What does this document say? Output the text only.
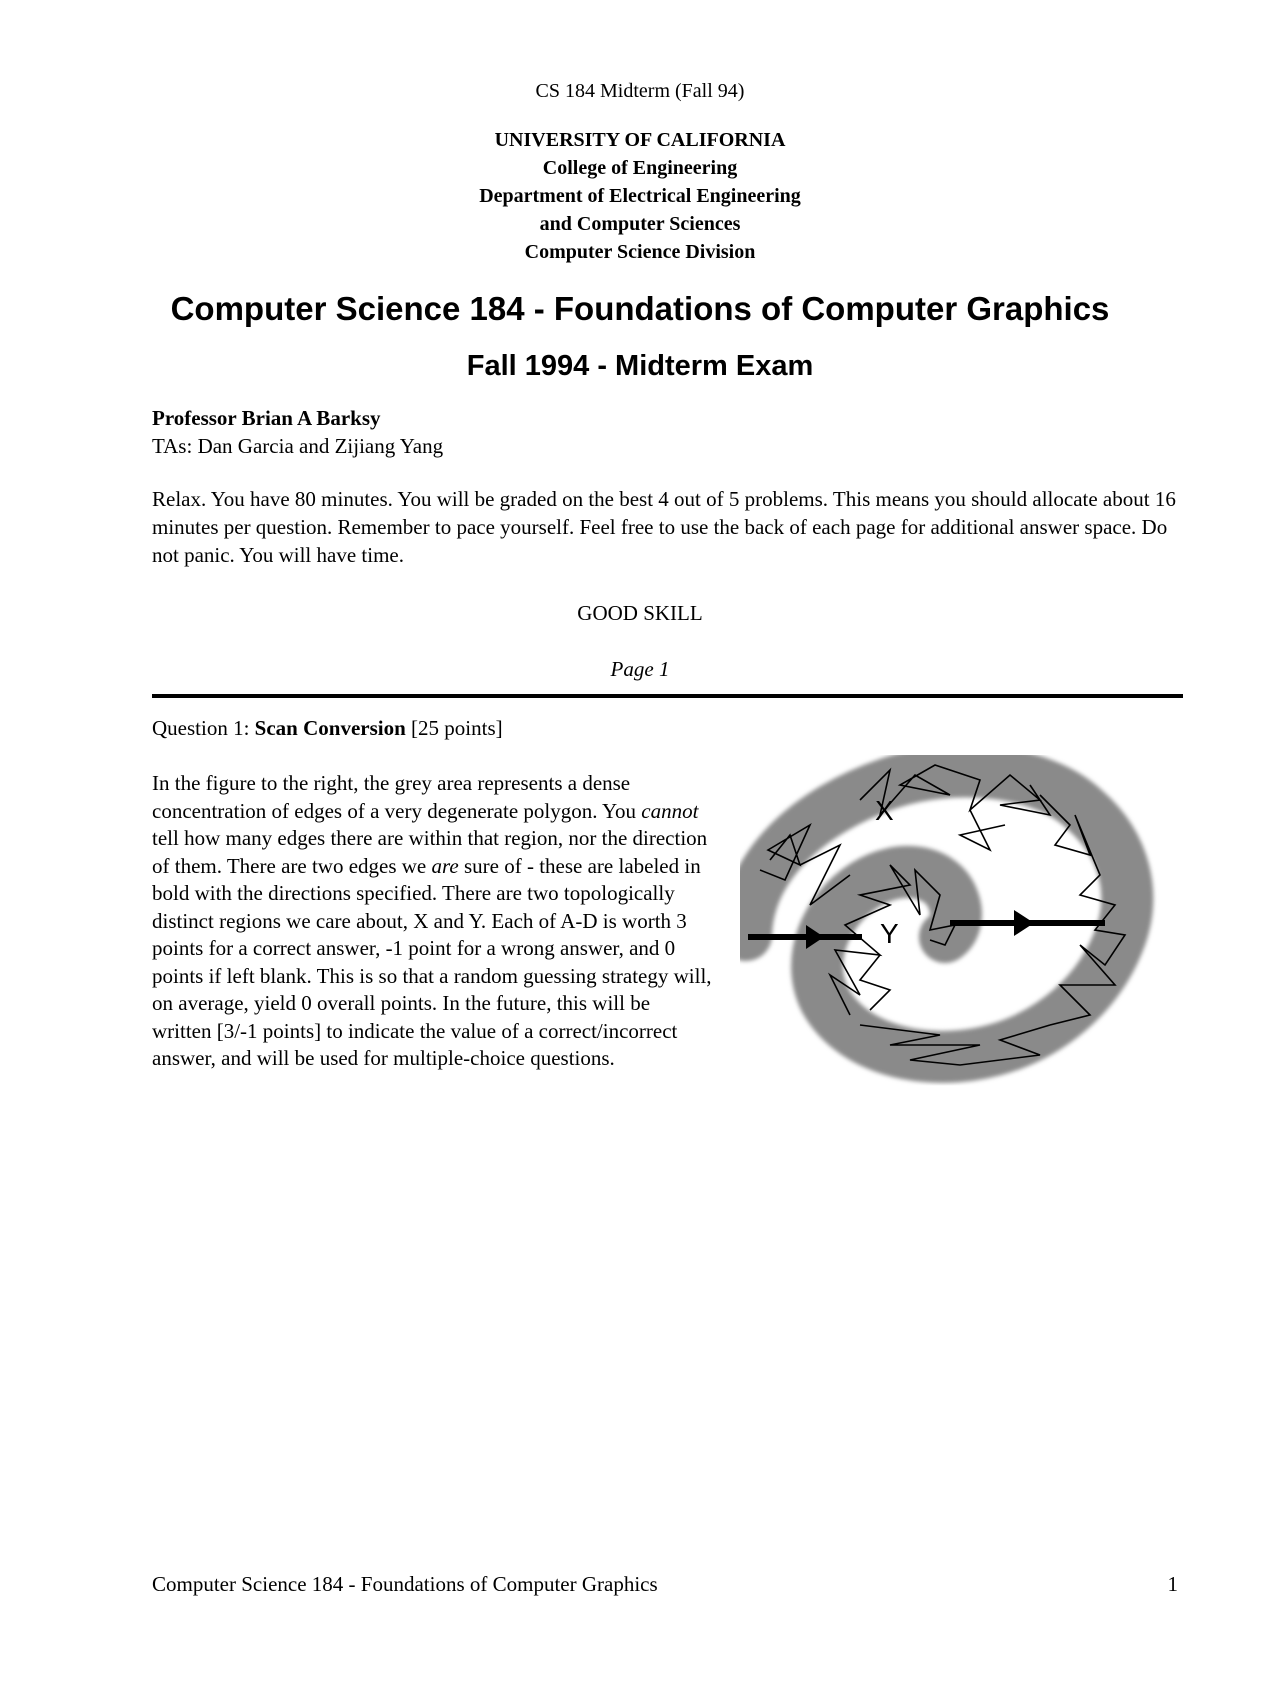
CS 184 Midterm (Fall 94)
UNIVERSITY OF CALIFORNIA
College of Engineering
Department of Electrical Engineering
and Computer Sciences
Computer Science Division
Computer Science 184 - Foundations of Computer Graphics
Fall 1994 - Midterm Exam
Professor Brian A Barksy
TAs: Dan Garcia and Zijiang Yang
Relax. You have 80 minutes. You will be graded on the best 4 out of 5 problems. This means you should allocate about 16 minutes per question. Remember to pace yourself. Feel free to use the back of each page for additional answer space. Do not panic. You will have time.
GOOD SKILL
Page 1
Question 1: Scan Conversion [25 points]
In the figure to the right, the grey area represents a dense concentration of edges of a very degenerate polygon. You cannot tell how many edges there are within that region, nor the direction of them. There are two edges we are sure of - these are labeled in bold with the directions specified. There are two topologically distinct regions we care about, X and Y. Each of A-D is worth 3 points for a correct answer, -1 point for a wrong answer, and 0 points if left blank. This is so that a random guessing strategy will, on average, yield 0 overall points. In the future, this will be written [3/-1 points] to indicate the value of a correct/incorrect answer, and will be used for multiple-choice questions.
X
Y
Computer Science 184 - Foundations of Computer Graphics	1
